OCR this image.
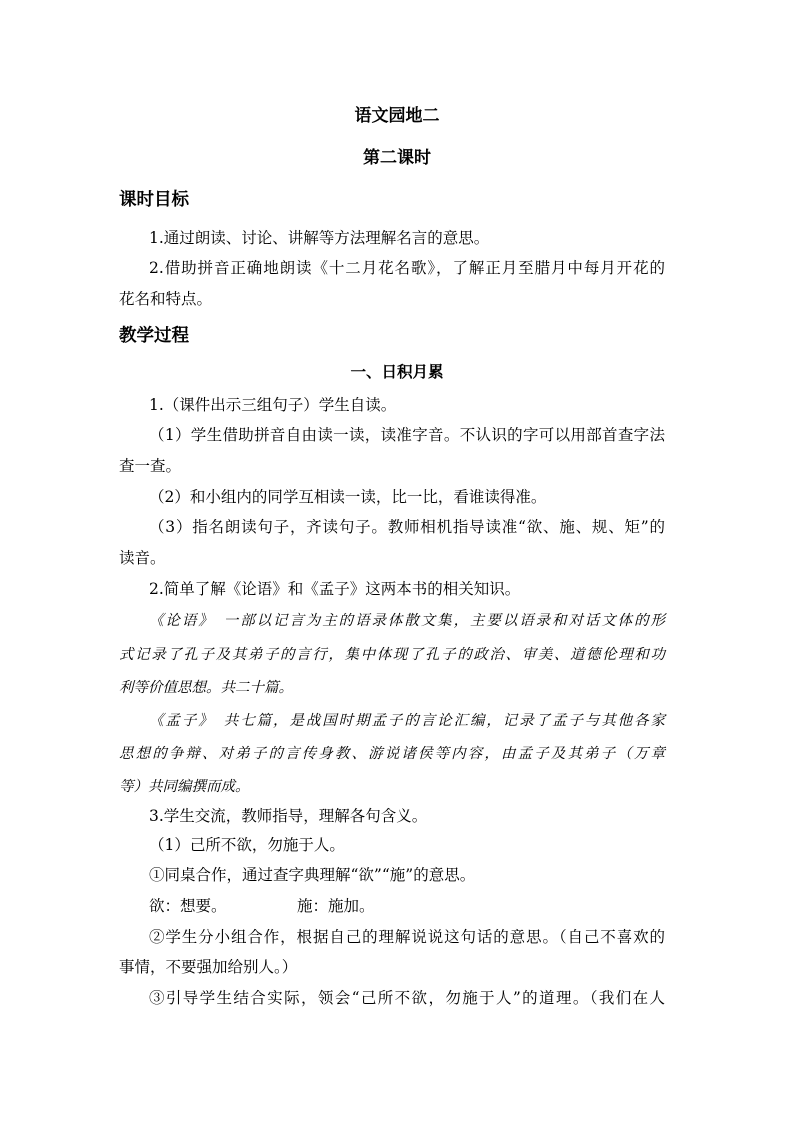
语文园地二
第二课时
课时目标
1.通过朗读、讨论、讲解等方法理解名言的意思。
2.借助拼音正确地朗读《十二月花名歌》，了解正月至腊月中每月开花的
花名和特点。
教学过程
一、日积月累
1.（课件出示三组句子）学生自读。
（1）学生借助拼音自由读一读，读准字音。不认识的字可以用部首查字法
查一查。
（2）和小组内的同学互相读一读，比一比，看谁读得准。
（3）指名朗读句子，齐读句子。教师相机指导读准“欲、施、规、矩”的
读音。
2.简单了解《论语》和《孟子》这两本书的相关知识。
《论语》　一部以记言为主的语录体散文集，主要以语录和对话文体的形
式记录了孔子及其弟子的言行，集中体现了孔子的政治、审美、道德伦理和功
利等价值思想。共二十篇。
《孟子》　共七篇，是战国时期孟子的言论汇编，记录了孟子与其他各家
思想的争辩、对弟子的言传身教、游说诸侯等内容，由孟子及其弟子（万章
等）共同编撰而成。
3.学生交流，教师指导，理解各句含义。
（1）己所不欲，勿施于人。
①同桌合作，通过查字典理解“欲”“施”的意思。
欲：想要。	施：施加。
②学生分小组合作，根据自己的理解说说这句话的意思。（自己不喜欢的
事情，不要强加给别人。）
③引导学生结合实际，领会“己所不欲，勿施于人”的道理。（我们在人
